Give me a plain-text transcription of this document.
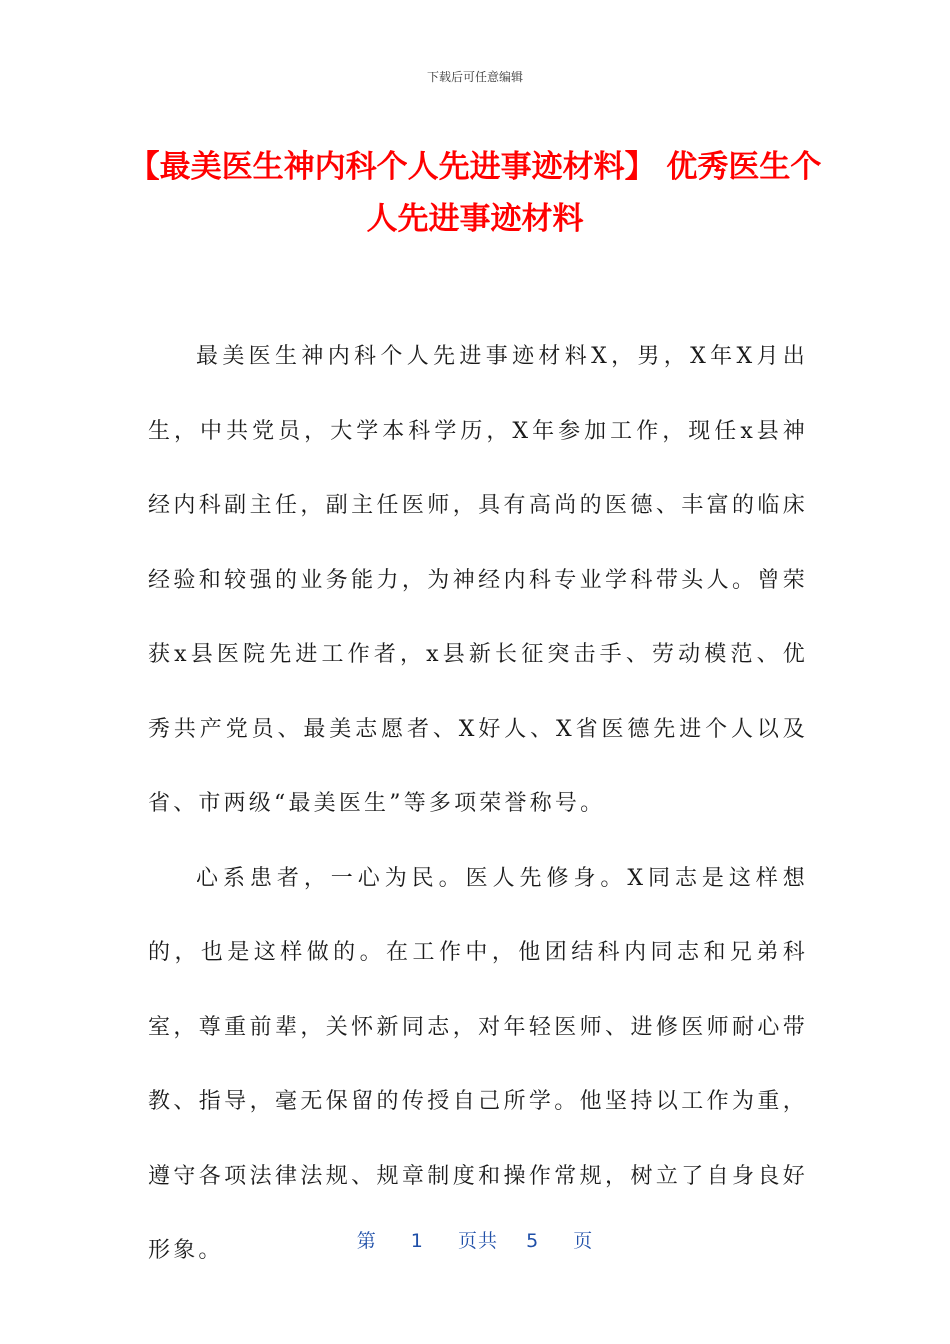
下载后可任意编辑
【最美医生神内科个人先进事迹材料】 优秀医生个人先进事迹材料

最美医生神内科个人先进事迹材料X，男，X年X月出生，中共党员，大学本科学历，X年参加工作，现任x县神经内科副主任，副主任医师，具有高尚的医德、丰富的临床经验和较强的业务能力，为神经内科专业学科带头人。曾荣获x县医院先进工作者，x县新长征突击手、劳动模范、优秀共产党员、最美志愿者、X好人、X省医德先进个人以及省、市两级“最美医生”等多项荣誉称号。

心系患者，一心为民。医人先修身。X同志是这样想的，也是这样做的。在工作中，他团结科内同志和兄弟科室，尊重前辈，关怀新同志，对年轻医师、进修医师耐心带教、指导，毫无保留的传授自己所学。他坚持以工作为重，遵守各项法律法规、规章制度和操作常规，树立了自身良好形象。	第 1 页共 5 页
